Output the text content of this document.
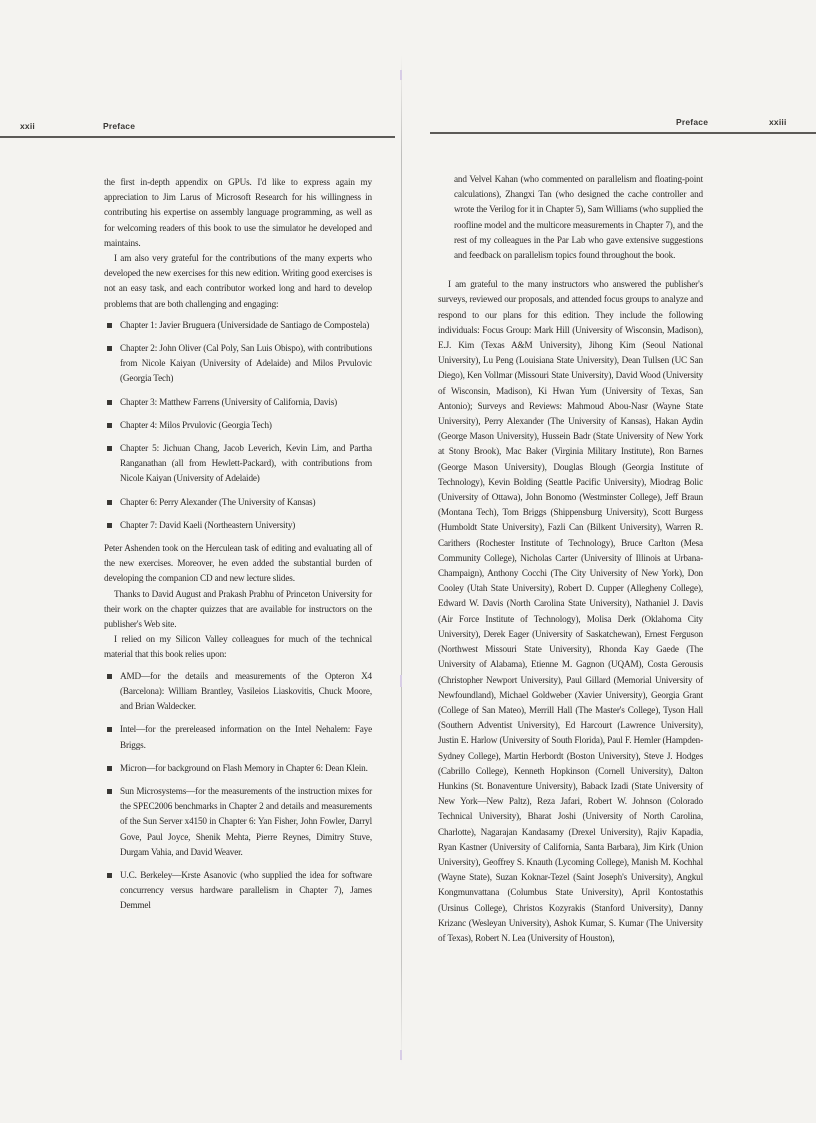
xxii	Preface

the first in-depth appendix on GPUs. I'd like to express again my appreciation to Jim Larus of Microsoft Research for his willingness in contributing his expertise on assembly language programming, as well as for welcoming readers of this book to use the simulator he developed and maintains.

I am also very grateful for the contributions of the many experts who developed the new exercises for this new edition. Writing good exercises is not an easy task, and each contributor worked long and hard to develop problems that are both challenging and engaging:

Chapter 1: Javier Bruguera (Universidade de Santiago de Compostela)

Chapter 2: John Oliver (Cal Poly, San Luis Obispo), with contributions from Nicole Kaiyan (University of Adelaide) and Milos Prvulovic (Georgia Tech)

Chapter 3: Matthew Farrens (University of California, Davis)

Chapter 4: Milos Prvulovic (Georgia Tech)

Chapter 5: Jichuan Chang, Jacob Leverich, Kevin Lim, and Partha Ranganathan (all from Hewlett-Packard), with contributions from Nicole Kaiyan (University of Adelaide)

Chapter 6: Perry Alexander (The University of Kansas)

Chapter 7: David Kaeli (Northeastern University)

Peter Ashenden took on the Herculean task of editing and evaluating all of the new exercises. Moreover, he even added the substantial burden of developing the companion CD and new lecture slides.

Thanks to David August and Prakash Prabhu of Princeton University for their work on the chapter quizzes that are available for instructors on the publisher's Web site.

I relied on my Silicon Valley colleagues for much of the technical material that this book relies upon:

AMD—for the details and measurements of the Opteron X4 (Barcelona): William Brantley, Vasileios Liaskovitis, Chuck Moore, and Brian Waldecker.

Intel—for the prereleased information on the Intel Nehalem: Faye Briggs.

Micron—for background on Flash Memory in Chapter 6: Dean Klein.

Sun Microsystems—for the measurements of the instruction mixes for the SPEC2006 benchmarks in Chapter 2 and details and measurements of the Sun Server x4150 in Chapter 6: Yan Fisher, John Fowler, Darryl Gove, Paul Joyce, Shenik Mehta, Pierre Reynes, Dimitry Stuve, Durgam Vahia, and David Weaver.

U.C. Berkeley—Krste Asanovic (who supplied the idea for software concurrency versus hardware parallelism in Chapter 7), James Demmel

Preface	xxiii

and Velvel Kahan (who commented on parallelism and floating-point calculations), Zhangxi Tan (who designed the cache controller and wrote the Verilog for it in Chapter 5), Sam Williams (who supplied the roofline model and the multicore measurements in Chapter 7), and the rest of my colleagues in the Par Lab who gave extensive suggestions and feedback on parallelism topics found throughout the book.

I am grateful to the many instructors who answered the publisher's surveys, reviewed our proposals, and attended focus groups to analyze and respond to our plans for this edition. They include the following individuals: Focus Group: Mark Hill (University of Wisconsin, Madison), E.J. Kim (Texas A&M University), Jihong Kim (Seoul National University), Lu Peng (Louisiana State University), Dean Tullsen (UC San Diego), Ken Vollmar (Missouri State University), David Wood (University of Wisconsin, Madison), Ki Hwan Yum (University of Texas, San Antonio); Surveys and Reviews: Mahmoud Abou-Nasr (Wayne State University), Perry Alexander (The University of Kansas), Hakan Aydin (George Mason University), Hussein Badr (State University of New York at Stony Brook), Mac Baker (Virginia Military Institute), Ron Barnes (George Mason University), Douglas Blough (Georgia Institute of Technology), Kevin Bolding (Seattle Pacific University), Miodrag Bolic (University of Ottawa), John Bonomo (Westminster College), Jeff Braun (Montana Tech), Tom Briggs (Shippensburg University), Scott Burgess (Humboldt State University), Fazli Can (Bilkent University), Warren R. Carithers (Rochester Institute of Technology), Bruce Carlton (Mesa Community College), Nicholas Carter (University of Illinois at Urbana-Champaign), Anthony Cocchi (The City University of New York), Don Cooley (Utah State University), Robert D. Cupper (Allegheny College), Edward W. Davis (North Carolina State University), Nathaniel J. Davis (Air Force Institute of Technology), Molisa Derk (Oklahoma City University), Derek Eager (University of Saskatchewan), Ernest Ferguson (Northwest Missouri State University), Rhonda Kay Gaede (The University of Alabama), Etienne M. Gagnon (UQAM), Costa Gerousis (Christopher Newport University), Paul Gillard (Memorial University of Newfoundland), Michael Goldweber (Xavier University), Georgia Grant (College of San Mateo), Merrill Hall (The Master's College), Tyson Hall (Southern Adventist University), Ed Harcourt (Lawrence University), Justin E. Harlow (University of South Florida), Paul F. Hemler (Hampden-Sydney College), Martin Herbordt (Boston University), Steve J. Hodges (Cabrillo College), Kenneth Hopkinson (Cornell University), Dalton Hunkins (St. Bonaventure University), Baback Izadi (State University of New York—New Paltz), Reza Jafari, Robert W. Johnson (Colorado Technical University), Bharat Joshi (University of North Carolina, Charlotte), Nagarajan Kandasamy (Drexel University), Rajiv Kapadia, Ryan Kastner (University of California, Santa Barbara), Jim Kirk (Union University), Geoffrey S. Knauth (Lycoming College), Manish M. Kochhal (Wayne State), Suzan Koknar-Tezel (Saint Joseph's University), Angkul Kongmunvattana (Columbus State University), April Kontostathis (Ursinus College), Christos Kozyrakis (Stanford University), Danny Krizanc (Wesleyan University), Ashok Kumar, S. Kumar (The University of Texas), Robert N. Lea (University of Houston),
